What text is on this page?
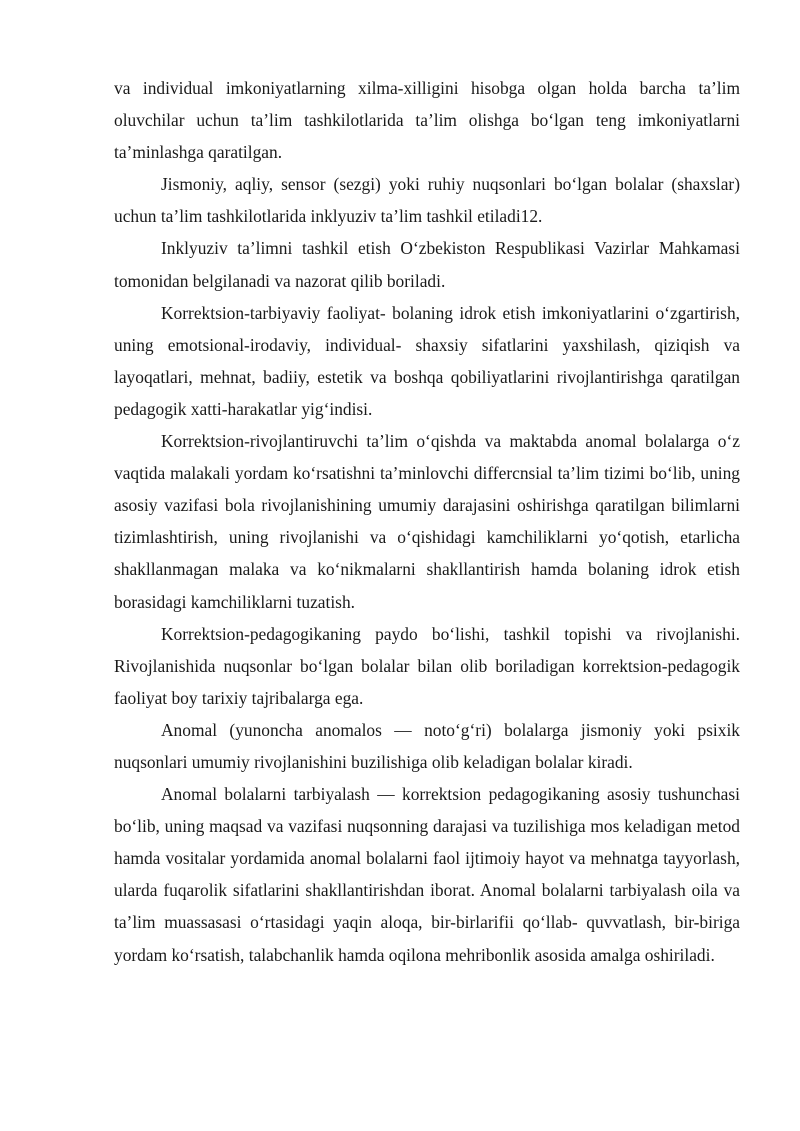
va individual imkoniyatlarning xilma-xilligini hisobga olgan holda barcha ta’lim oluvchilar uchun ta’lim tashkilotlarida ta’lim olishga bo‘lgan teng imkoniyatlarni ta’minlashga qaratilgan.

Jismoniy, aqliy, sensor (sezgi) yoki ruhiy nuqsonlari bo‘lgan bolalar (shaxslar) uchun ta’lim tashkilotlarida inklyuziv ta’lim tashkil etiladi12.

Inklyuziv ta’limni tashkil etish O‘zbekiston Respublikasi Vazirlar Mahkamasi tomonidan belgilanadi va nazorat qilib boriladi.

Korrektsion-tarbiyaviy faoliyat- bolaning idrok etish imkoniyatlarini o‘zgartirish, uning emotsional-irodaviy, individual- shaxsiy sifatlarini yaxshilash, qiziqish va layoqatlari, mehnat, badiiy, estetik va boshqa qobiliyatlarini rivojlantirishga qaratilgan pedagogik xatti-harakatlar yig‘indisi.

Korrektsion-rivojlantiruvchi ta’lim o‘qishda va maktabda anomal bolalarga o‘z vaqtida malakali yordam ko‘rsatishni ta’minlovchi differcnsial ta’lim tizimi bo‘lib, uning asosiy vazifasi bola rivojlanishining umumiy darajasini oshirishga qaratilgan bilimlarni tizimlashtirish, uning rivojlanishi va o‘qishidagi kamchiliklarni yo‘qotish, etarlicha shakllanmagan malaka va ko‘nikmalarni shakllantirish hamda bolaning idrok etish borasidagi kamchiliklarni tuzatish.

Korrektsion-pedagogikaning paydo bo‘lishi, tashkil topishi va rivojlanishi. Rivojlanishida nuqsonlar bo‘lgan bolalar bilan olib boriladigan korrektsion-pedagogik faoliyat boy tarixiy tajribalarga ega.

Anomal (yunoncha anomalos — noto‘g‘ri) bolalarga jismoniy yoki psixik nuqsonlari umumiy rivojlanishini buzilishiga olib keladigan bolalar kiradi.

Anomal bolalarni tarbiyalash — korrektsion pedagogikaning asosiy tushunchasi bo‘lib, uning maqsad va vazifasi nuqsonning darajasi va tuzilishiga mos keladigan metod hamda vositalar yordamida anomal bolalarni faol ijtimoiy hayot va mehnatga tayyorlash, ularda fuqarolik sifatlarini shakllantirishdan iborat. Anomal bolalarni tarbiyalash oila va ta’lim muassasasi o‘rtasidagi yaqin aloqa, bir-birlarifii qo‘llab- quvvatlash, bir-biriga yordam ko‘rsatish, talabchanlik hamda oqilona mehribonlik asosida amalga oshiriladi.
